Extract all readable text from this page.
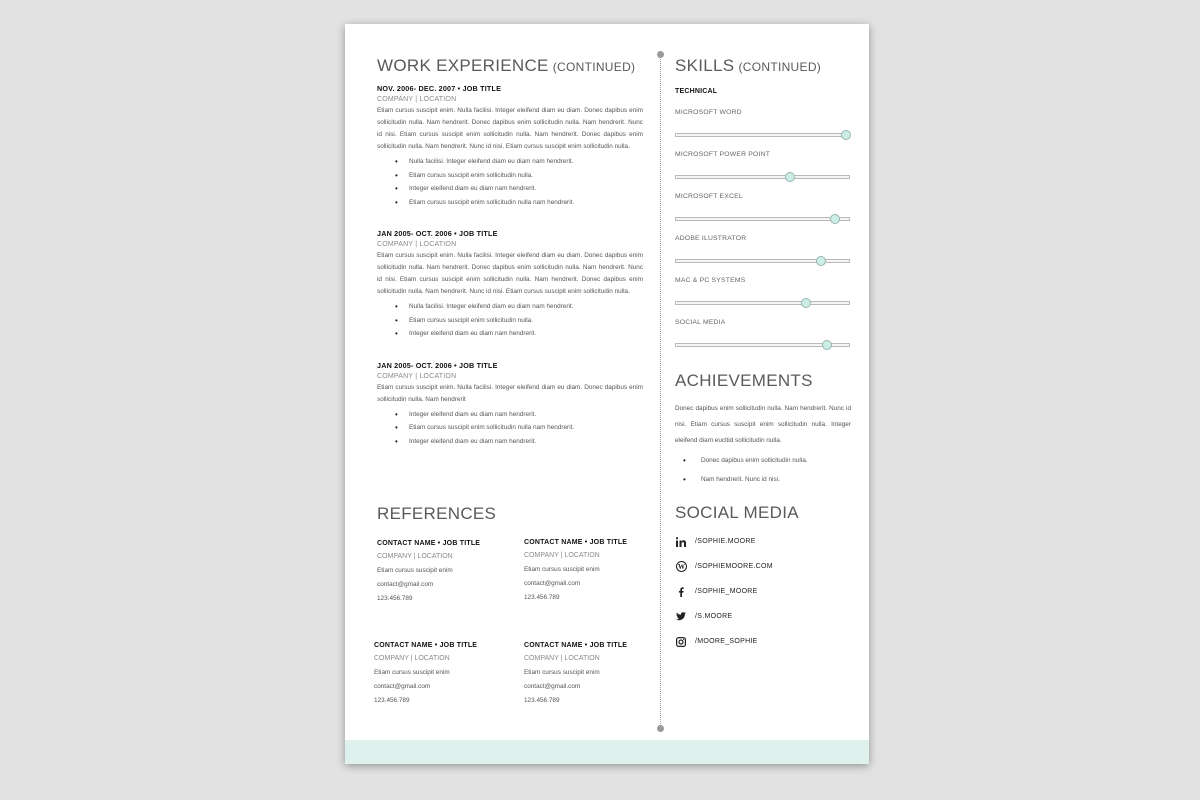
WORK EXPERIENCE (CONTINUED)
NOV. 2006- DEC. 2007 • JOB TITLE
COMPANY | LOCATION
Etiam cursus suscipit enim. Nulla facilisi. Integer eleifend diam eu diam. Donec dapibus enim sollicitudin nulla. Nam hendrerit. Donec dapibus enim sollicitudin nulla. Nam hendrerit. Nunc id nisi. Etiam cursus suscipit enim sollicitudin nulla. Nam hendrerit. Donec dapibus enim sollicitudin nulla. Nam hendrerit. Nunc id nisi. Etiam cursus suscipit enim sollicitudin nulla.
• Nulla facilisi. Integer eleifend diam eu diam nam hendrerit.
• Etiam cursus suscipit enim sollicitudin nulla.
• Integer eleifend diam eu diam nam hendrerit.
• Etiam cursus suscipit enim sollicitudin nulla nam hendrerit.
JAN 2005- OCT. 2006 • JOB TITLE
COMPANY | LOCATION
Etiam cursus suscipit enim. Nulla facilisi. Integer eleifend diam eu diam. Donec dapibus enim sollicitudin nulla. Nam hendrerit. Donec dapibus enim sollicitudin nulla. Nam hendrerit. Nunc id nisi. Etiam cursus suscipit enim sollicitudin nulla. Nam hendrerit. Donec dapibus enim sollicitudin nulla. Nam hendrerit. Nunc id nisi. Etiam cursus suscipit enim sollicitudin nulla.
• Nulla facilisi. Integer eleifend diam eu diam nam hendrerit.
• Etiam cursus suscipit enim sollicitudin nulla.
• Integer eleifend diam eu diam nam hendrerit.
JAN 2005- OCT. 2006 • JOB TITLE
COMPANY | LOCATION
Etiam cursus suscipit enim. Nulla facilisi. Integer eleifend diam eu diam. Donec dapibus enim sollicitudin nulla. Nam hendrerit
• Integer eleifend diam eu diam nam hendrerit.
• Etiam cursus suscipit enim sollicitudin nulla nam hendrerit.
• Integer eleifend diam eu diam nam hendrerit.
REFERENCES
CONTACT NAME • JOB TITLE
COMPANY | LOCATION
Etiam cursus suscipit enim
contact@gmail.com
123.456.789
CONTACT NAME • JOB TITLE
COMPANY | LOCATION
Etiam cursus suscipit enim
contact@gmail.com
123.456.789
CONTACT NAME • JOB TITLE
COMPANY | LOCATION
Etiam cursus suscipit enim
contact@gmail.com
123.456.789
CONTACT NAME • JOB TITLE
COMPANY | LOCATION
Etiam cursus suscipit enim
contact@gmail.com
123.456.789
SKILLS (CONTINUED)
TECHNICAL
MICROSOFT WORD
MICROSOFT POWER POINT
MICROSOFT EXCEL
ADOBE ILUSTRATOR
MAC & PC SYSTEMS
SOCIAL MEDIA
ACHIEVEMENTS
Donec dapibus enim sollicitudin nulla. Nam hendrerit. Nunc id nisi. Etiam cursus suscipit enim sollicitudin nulla. Integer eleifend diam eucltid sollicitudin nulla.
• Donec dapibus enim sollicitudin nulla.
• Nam hendrerit. Nunc id nisi.
SOCIAL MEDIA
/SOPHIE.MOORE
W /SOPHIEMOORE.COM
/SOPHIE_MOORE
/S.MOORE
/MOORE_SOPHIE
